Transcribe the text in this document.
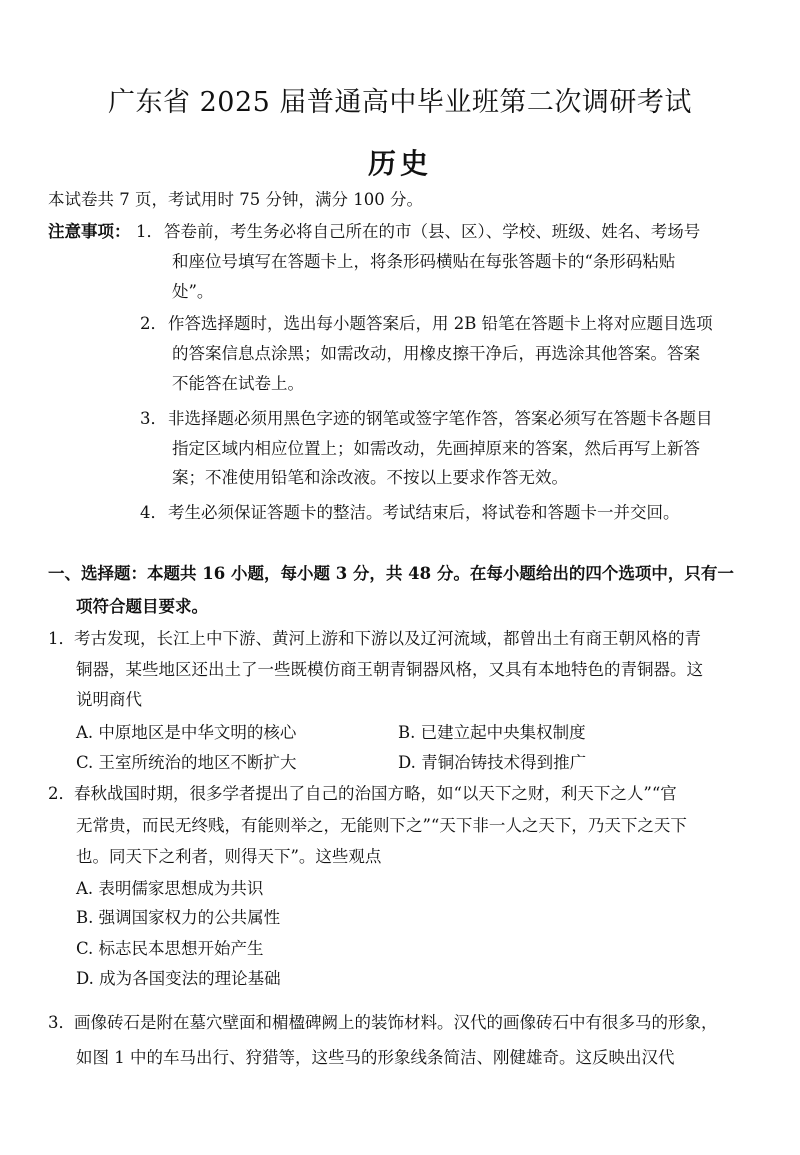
广东省 2025 届普通高中毕业班第二次调研考试
历史
本试卷共 7 页，考试用时 75 分钟，满分 100 分。
注意事项： 1． 答卷前，考生务必将自己所在的市（县、区）、学校、班级、姓名、考场号
和座位号填写在答题卡上，将条形码横贴在每张答题卡的“条形码粘贴
处”。
2． 作答选择题时，选出每小题答案后，用 2B 铅笔在答题卡上将对应题目选项
的答案信息点涂黑；如需改动，用橡皮擦干净后，再选涂其他答案。答案
不能答在试卷上。
3． 非选择题必须用黑色字迹的钢笔或签字笔作答，答案必须写在答题卡各题目
指定区域内相应位置上；如需改动，先画掉原来的答案，然后再写上新答
案；不准使用铅笔和涂改液。不按以上要求作答无效。
4． 考生必须保证答题卡的整洁。考试结束后，将试卷和答题卡一并交回。
一、选择题：本题共 16 小题，每小题 3 分，共 48 分。在每小题给出的四个选项中，只有一
项符合题目要求。
1． 考古发现，长江上中下游、黄河上游和下游以及辽河流域，都曾出土有商王朝风格的青
铜器，某些地区还出土了一些既模仿商王朝青铜器风格，又具有本地特色的青铜器。这
说明商代
A. 中原地区是中华文明的核心	B. 已建立起中央集权制度
C. 王室所统治的地区不断扩大	D. 青铜冶铸技术得到推广
2． 春秋战国时期，很多学者提出了自己的治国方略，如“以天下之财，利天下之人”“官
无常贵，而民无终贱，有能则举之，无能则下之”“天下非一人之天下，乃天下之天下
也。同天下之利者，则得天下”。这些观点
A. 表明儒家思想成为共识
B. 强调国家权力的公共属性
C. 标志民本思想开始产生
D. 成为各国变法的理论基础
3． 画像砖石是附在墓穴壁面和楣楹碑阙上的装饰材料。汉代的画像砖石中有很多马的形象，
如图 1 中的车马出行、狩猎等，这些马的形象线条简洁、刚健雄奇。这反映出汉代
